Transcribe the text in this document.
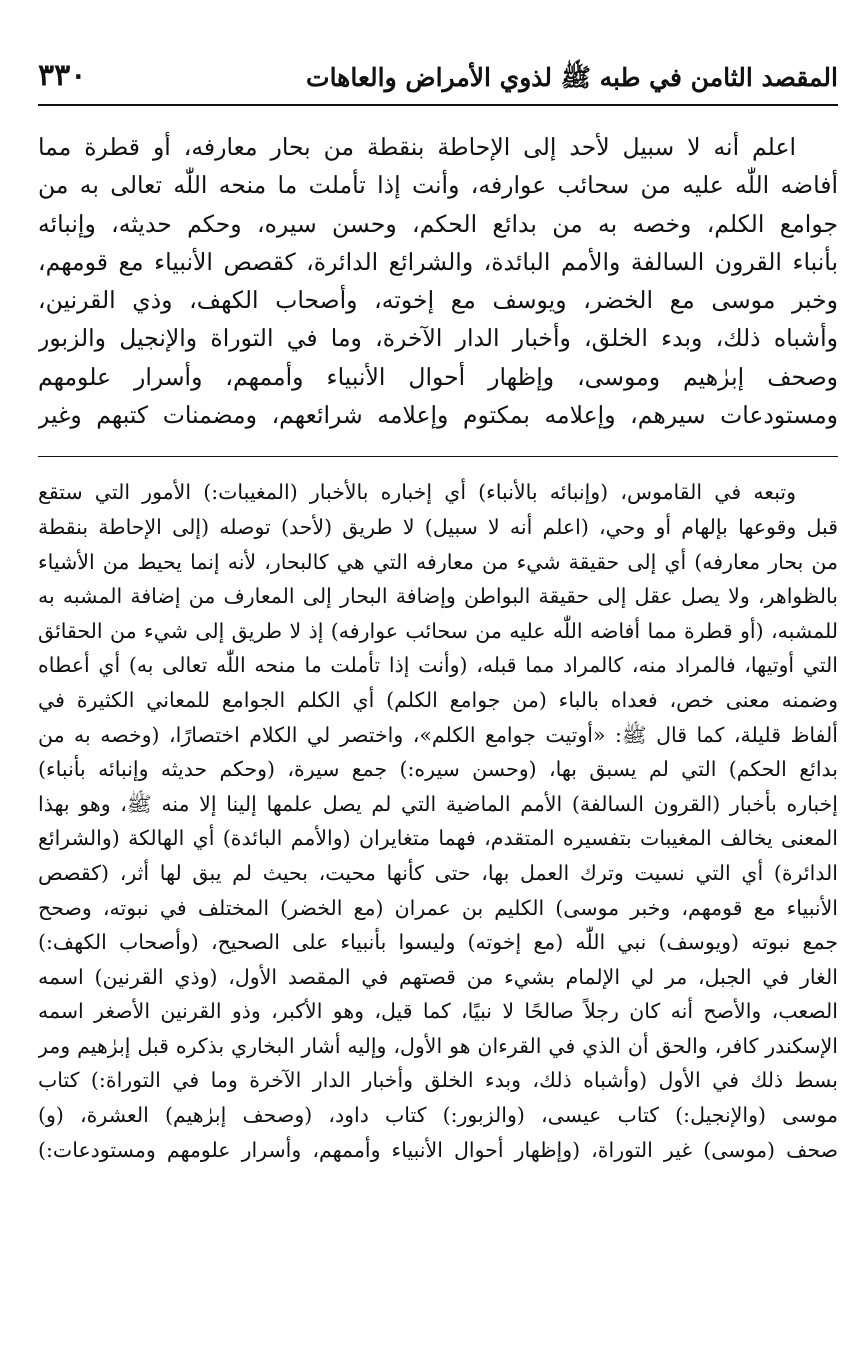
المقصد الثامن في طبه ﷺ لذوي الأمراض والعاهات
٣٣٠
اعلم أنه لا سبيل لأحد إلى الإحاطة بنقطة من بحار معارفه، أو قطرة مما
أفاضه اللّٰه عليه من سحائب عوارفه، وأنت إذا تأملت ما منحه اللّٰه تعالى به من
جوامع الكلم، وخصه به من بدائع الحكم، وحسن سيره، وحكم حديثه، وإنبائه
بأنباء القرون السالفة والأمم البائدة، والشرائع الدائرة، كقصص الأنبياء مع قومهم،
وخبر موسى مع الخضر، ويوسف مع إخوته، وأصحاب الكهف، وذي القرنين،
وأشباه ذلك، وبدء الخلق، وأخبار الدار الآخرة، وما في التوراة والإنجيل والزبور
وصحف إبرٰهيم وموسى، وإظهار أحوال الأنبياء وأممهم، وأسرار علومهم
ومستودعات سيرهم، وإعلامه بمكتوم وإعلامه شرائعهم، ومضمنات كتبهم وغير
وتبعه في القاموس، (وإنبائه بالأنباء) أي إخباره بالأخبار (المغيبات:) الأمور التي ستقع
قبل وقوعها بإلهام أو وحي، (اعلم أنه لا سبيل) لا طريق (لأحد) توصله (إلى الإحاطة بنقطة
من بحار معارفه) أي إلى حقيقة شيء من معارفه التي هي كالبحار، لأنه إنما يحيط من الأشياء
بالظواهر، ولا يصل عقل إلى حقيقة البواطن وإضافة البحار إلى المعارف من إضافة المشبه به
للمشبه، (أو قطرة مما أفاضه اللّٰه عليه من سحائب عوارفه) إذ لا طريق إلى شيء من الحقائق
التي أوتيها، فالمراد منه، كالمراد مما قبله، (وأنت إذا تأملت ما منحه اللّٰه تعالى به) أي أعطاه
وضمنه معنى خص، فعداه بالباء (من جوامع الكلم) أي الكلم الجوامع للمعاني الكثيرة في
ألفاظ قليلة، كما قال ﷺ: «أوتيت جوامع الكلم»، واختصر لي الكلام اختصارًا، (وخصه به من
بدائع الحكم) التي لم يسبق بها، (وحسن سيره:) جمع سيرة، (وحكم حديثه وإنبائه بأنباء)
إخباره بأخبار (القرون السالفة) الأمم الماضية التي لم يصل علمها إلينا إلا منه ﷺ، وهو بهذا
المعنى يخالف المغيبات بتفسيره المتقدم، فهما متغايران (والأمم البائدة) أي الهالكة (والشرائع
الدائرة) أي التي نسيت وترك العمل بها، حتى كأنها محيت، بحيث لم يبق لها أثر، (كقصص
الأنبياء مع قومهم، وخبر موسى) الكليم بن عمران (مع الخضر) المختلف في نبوته، وصحح
جمع نبوته (ويوسف) نبي اللّٰه (مع إخوته) وليسوا بأنبياء على الصحيح، (وأصحاب الكهف:)
الغار في الجبل، مر لي الإلمام بشيء من قصتهم في المقصد الأول، (وذي القرنين) اسمه
الصعب، والأصح أنه كان رجلاً صالحًا لا نبيًا، كما قيل، وهو الأكبر، وذو القرنين الأصغر اسمه
الإسكندر كافر، والحق أن الذي في القرءان هو الأول، وإليه أشار البخاري بذكره قبل إبرٰهيم ومر
بسط ذلك في الأول (وأشباه ذلك، وبدء الخلق وأخبار الدار الآخرة وما في التوراة:) كتاب
موسى (والإنجيل:) كتاب عيسى، (والزبور:) كتاب داود، (وصحف إبرٰهيم) العشرة، (و)
صحف (موسى) غير التوراة، (وإظهار أحوال الأنبياء وأممهم، وأسرار علومهم ومستودعات:)
